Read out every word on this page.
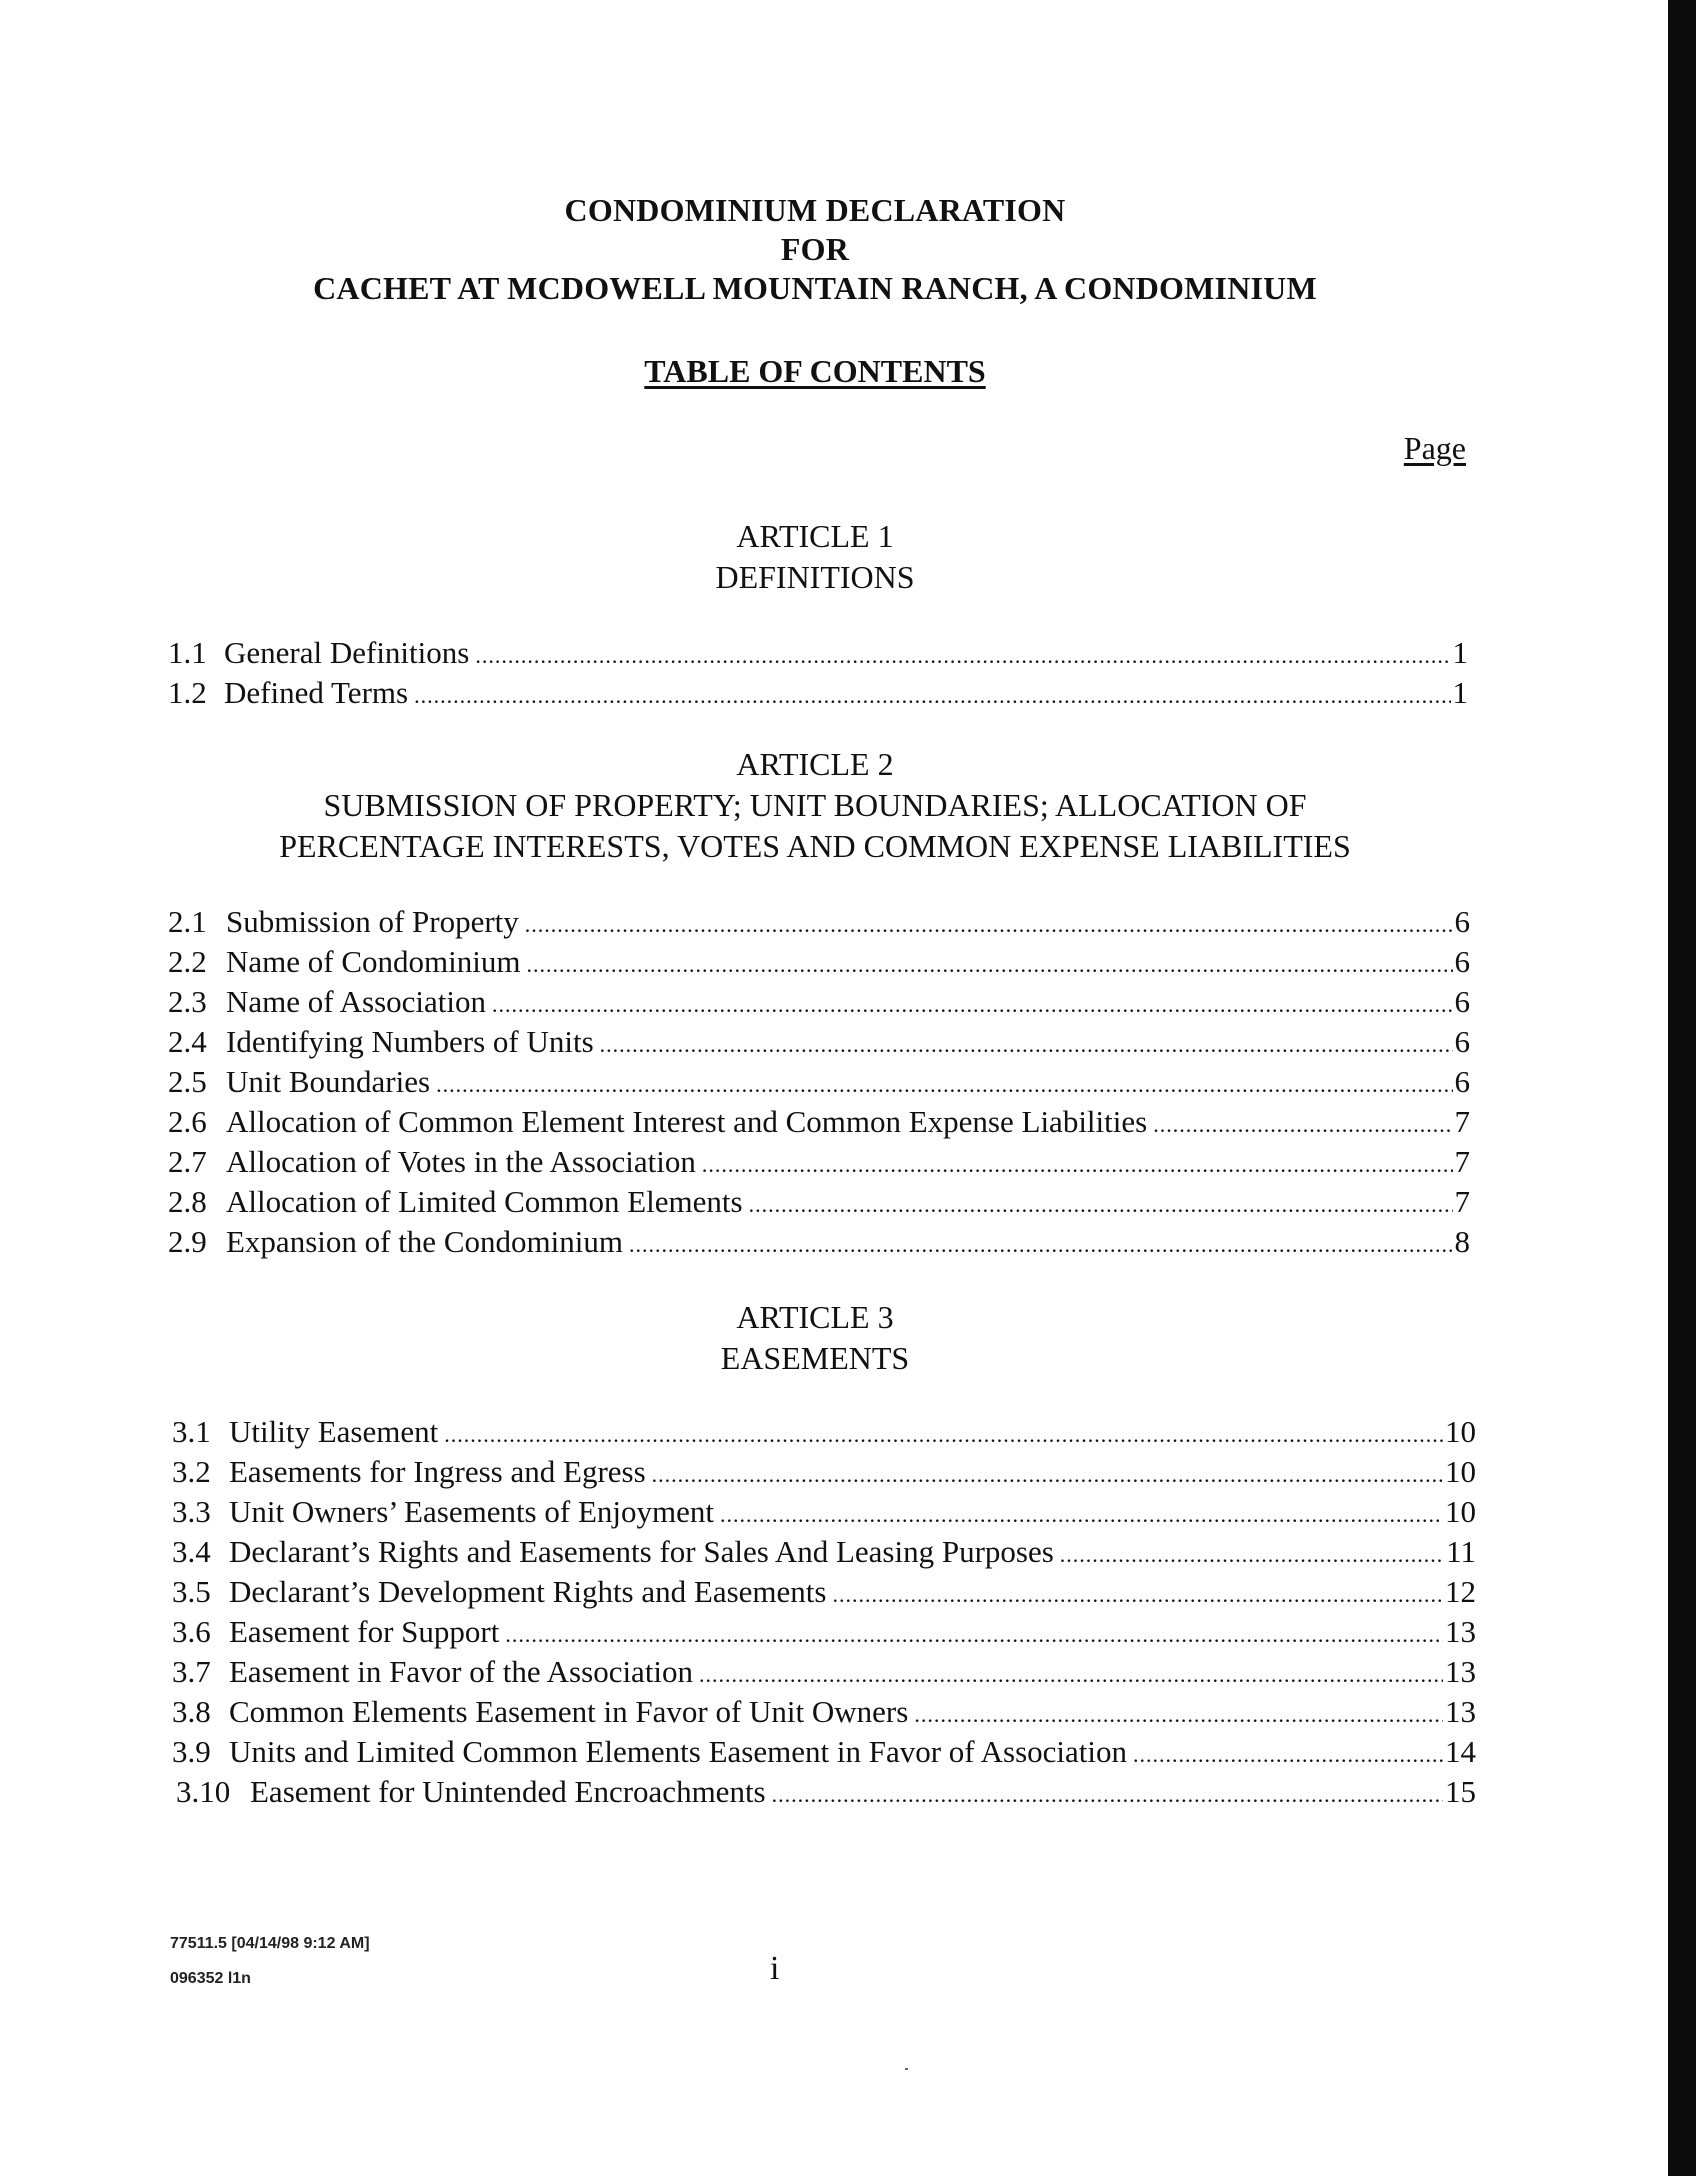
CONDOMINIUM DECLARATION
FOR
CACHET AT MCDOWELL MOUNTAIN RANCH, A CONDOMINIUM
TABLE OF CONTENTS
Page
ARTICLE 1
DEFINITIONS
1.1 General Definitions .....	1
1.2 Defined Terms .....	1
ARTICLE 2
SUBMISSION OF PROPERTY; UNIT BOUNDARIES; ALLOCATION OF
PERCENTAGE INTERESTS, VOTES AND COMMON EXPENSE LIABILITIES
2.1 Submission of Property .....	6
2.2 Name of Condominium .....	6
2.3 Name of Association .....	6
2.4 Identifying Numbers of Units .....	6
2.5 Unit Boundaries .....	6
2.6 Allocation of Common Element Interest and Common Expense Liabilities .....	7
2.7 Allocation of Votes in the Association .....	7
2.8 Allocation of Limited Common Elements .....	7
2.9 Expansion of the Condominium .....	8
ARTICLE 3
EASEMENTS
3.1 Utility Easement .....	10
3.2 Easements for Ingress and Egress .....	10
3.3 Unit Owners’ Easements of Enjoyment .....	10
3.4 Declarant’s Rights and Easements for Sales And Leasing Purposes .....	11
3.5 Declarant’s Development Rights and Easements .....	12
3.6 Easement for Support .....	13
3.7 Easement in Favor of the Association .....	13
3.8 Common Elements Easement in Favor of Unit Owners .....	13
3.9 Units and Limited Common Elements Easement in Favor of Association .....	14
3.10 Easement for Unintended Encroachments .....	15
77511.5 [04/14/98 9:12 AM]
096352 l1n	i
